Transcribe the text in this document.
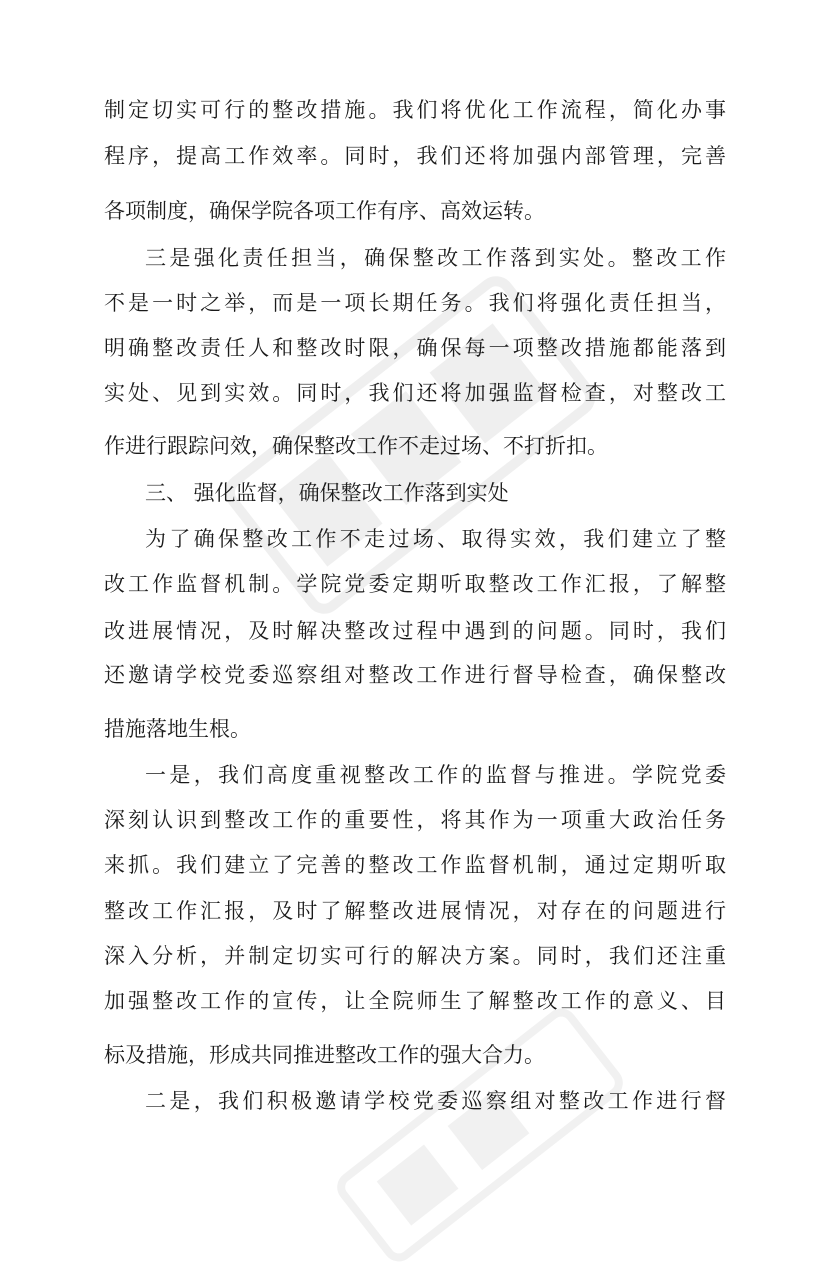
制定切实可行的整改措施。我们将优化工作流程，简化办事
程序，提高工作效率。同时，我们还将加强内部管理，完善
各项制度，确保学院各项工作有序、高效运转。
三是强化责任担当，确保整改工作落到实处。整改工作
不是一时之举，而是一项长期任务。我们将强化责任担当，
明确整改责任人和整改时限，确保每一项整改措施都能落到
实处、见到实效。同时，我们还将加强监督检查，对整改工
作进行跟踪问效，确保整改工作不走过场、不打折扣。
三、 强化监督，确保整改工作落到实处
为了确保整改工作不走过场、取得实效，我们建立了整
改工作监督机制。学院党委定期听取整改工作汇报，了解整
改进展情况，及时解决整改过程中遇到的问题。同时，我们
还邀请学校党委巡察组对整改工作进行督导检查，确保整改
措施落地生根。
一是，我们高度重视整改工作的监督与推进。学院党委
深刻认识到整改工作的重要性，将其作为一项重大政治任务
来抓。我们建立了完善的整改工作监督机制，通过定期听取
整改工作汇报，及时了解整改进展情况，对存在的问题进行
深入分析，并制定切实可行的解决方案。同时，我们还注重
加强整改工作的宣传，让全院师生了解整改工作的意义、目
标及措施，形成共同推进整改工作的强大合力。
二是，我们积极邀请学校党委巡察组对整改工作进行督
